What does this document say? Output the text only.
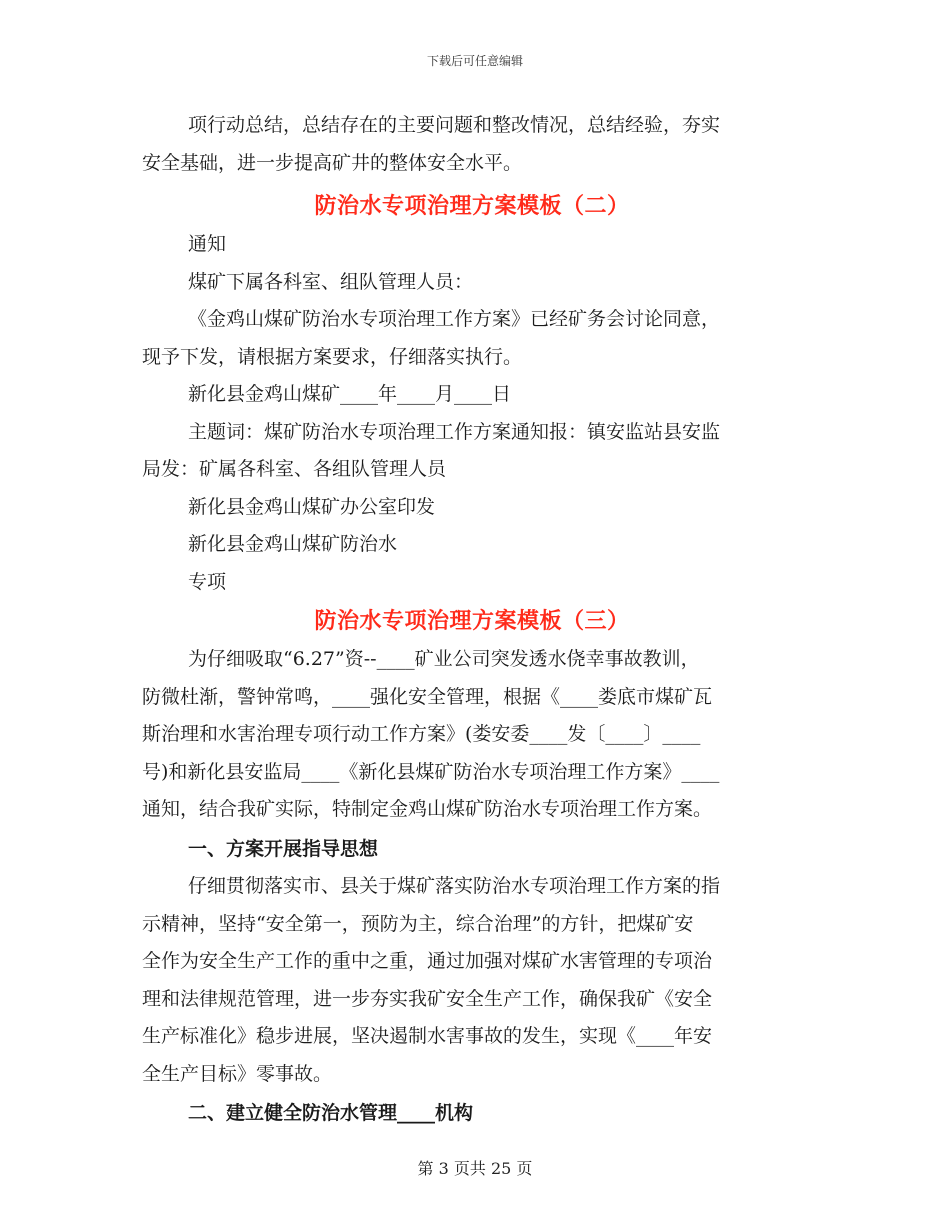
下载后可任意编辑

项行动总结，总结存在的主要问题和整改情况，总结经验，夯实

安全基础，进一步提高矿井的整体安全水平。

防治水专项治理方案模板（二）

通知

煤矿下属各科室、组队管理人员：

《金鸡山煤矿防治水专项治理工作方案》已经矿务会讨论同意，

现予下发，请根据方案要求，仔细落实执行。

新化县金鸡山煤矿____年____月____日

主题词：煤矿防治水专项治理工作方案通知报：镇安监站县安监

局发：矿属各科室、各组队管理人员

新化县金鸡山煤矿办公室印发

新化县金鸡山煤矿防治水

专项

防治水专项治理方案模板（三）

为仔细吸取“6.27”资--____矿业公司突发透水侥幸事故教训，

防微杜渐，警钟常鸣，____强化安全管理，根据《____娄底市煤矿瓦

斯治理和水害治理专项行动工作方案》(娄安委____发〔____〕____

号)和新化县安监局____《新化县煤矿防治水专项治理工作方案》____

通知，结合我矿实际，特制定金鸡山煤矿防治水专项治理工作方案。

一、方案开展指导思想

仔细贯彻落实市、县关于煤矿落实防治水专项治理工作方案的指

示精神，坚持“安全第一，预防为主，综合治理”的方针，把煤矿安

全作为安全生产工作的重中之重，通过加强对煤矿水害管理的专项治

理和法律规范管理，进一步夯实我矿安全生产工作，确保我矿《安全

生产标准化》稳步进展，坚决遏制水害事故的发生，实现《____年安

全生产目标》零事故。

二、建立健全防治水管理____机构

第 3 页共 25 页
